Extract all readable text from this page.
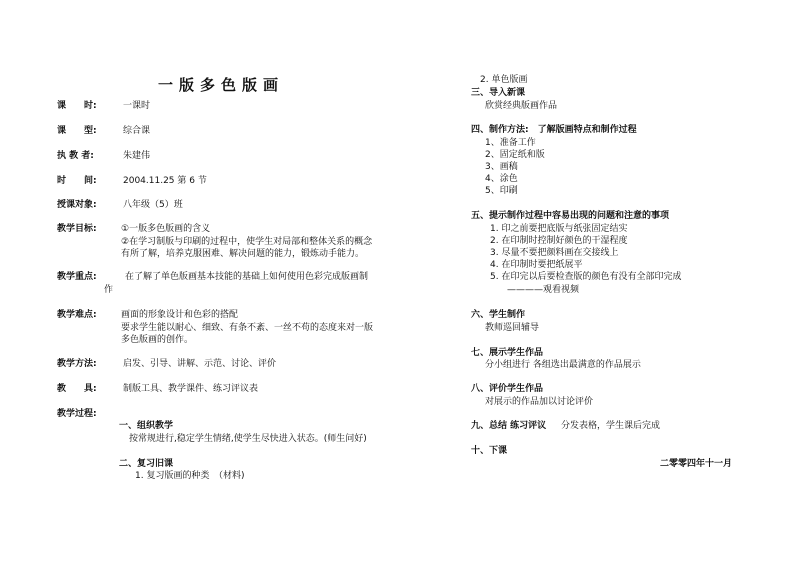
一版多色版画
课　　时:	一课时
课　　型:	综合课
执 教 者:	朱建伟
时　　间:	2004.11.25 第 6 节
授课对象:	八年级（5）班
教学目标:	①一版多色版画的含义
②在学习制版与印刷的过程中，使学生对局部和整体关系的概念
有所了解，培养克服困难、解决问题的能力，锻炼动手能力。
教学重点:	在了解了单色版画基本技能的基础上如何使用色彩完成版画制
作
教学难点:	画面的形象设计和色彩的搭配
要求学生能以耐心、细致、有条不紊、一丝不苟的态度来对一版
多色版画的创作。
教学方法:	启发、引导、讲解、示范、讨论、评价
教　　具:	制版工具、教学课件、练习评议表
教学过程:
一、组织教学
按常规进行,稳定学生情绪,使学生尽快进入状态。(师生问好)
二、复习旧课
1. 复习版画的种类　（材料)
2. 单色版画
三、导入新课
欣赏经典版画作品
四、制作方法:　了解版画特点和制作过程
1、准备工作
2、固定纸和版
3、画稿
4、涂色
5、印刷
五、提示制作过程中容易出现的问题和注意的事项
1. 印之前要把底版与纸张固定结实
2. 在印制时控制好颜色的干湿程度
3. 尽量不要把颜料画在交接线上
4. 在印制时要把纸展平
5. 在印完以后要检查版的颜色有没有全部印完成
————观看视频
六、学生制作
教师巡回辅导
七、展示学生作品
分小组进行 各组选出最满意的作品展示
八、评价学生作品
对展示的作品加以讨论评价
九、总结 练习评议 分发表格，学生课后完成
十、下课
二零零四年十一月
